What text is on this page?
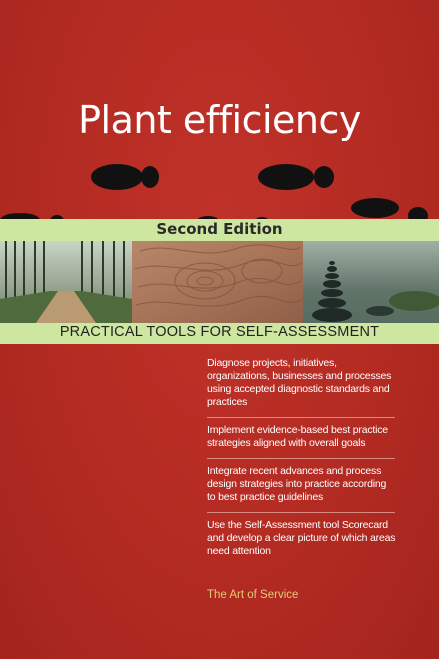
Plant efficiency
Second Edition
PRACTICAL TOOLS FOR SELF-ASSESSMENT
Diagnose projects, initiatives, organizations, businesses and processes using accepted diagnostic standards and practices
Implement evidence-based best practice strategies aligned with overall goals
Integrate recent advances and process design strategies into practice according to best practice guidelines
Use the Self-Assessment tool Scorecard and develop a clear picture of which areas need attention
The Art of Service
